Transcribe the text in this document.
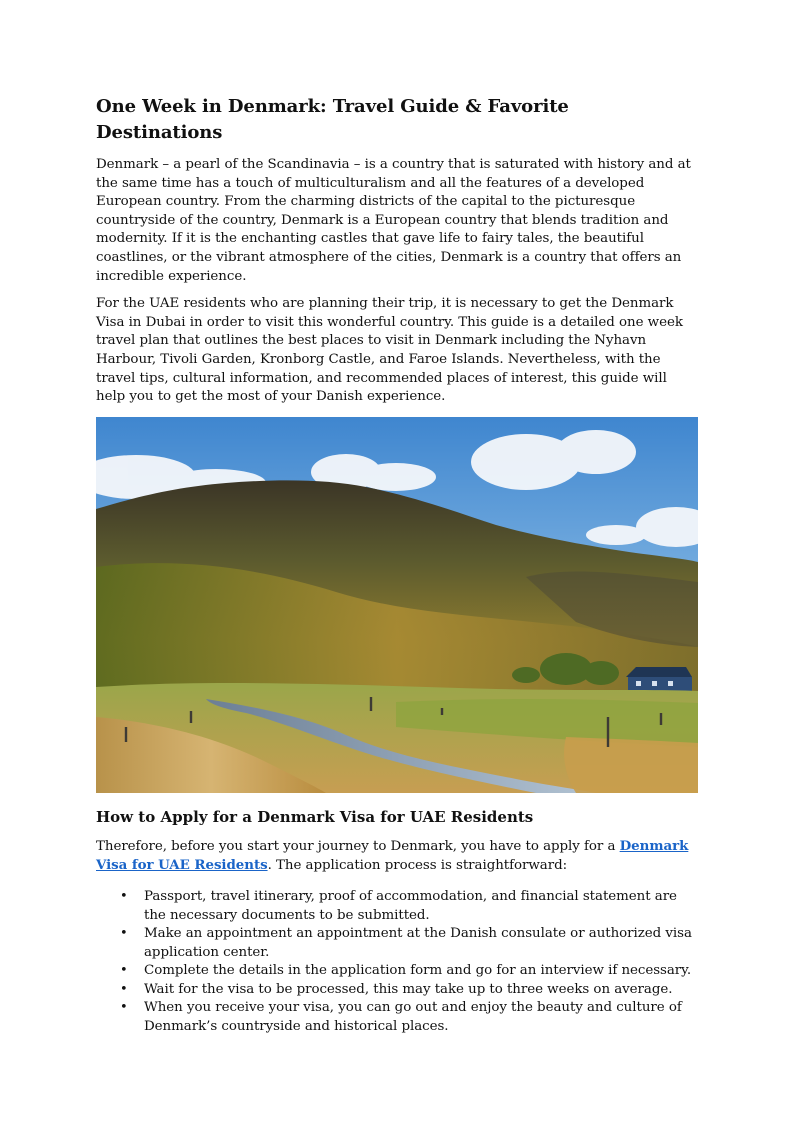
One Week in Denmark: Travel Guide & Favorite Destinations

Denmark – a pearl of the Scandinavia – is a country that is saturated with history and at the same time has a touch of multiculturalism and all the features of a developed European country. From the charming districts of the capital to the picturesque countryside of the country, Denmark is a European country that blends tradition and modernity. If it is the enchanting castles that gave life to fairy tales, the beautiful coastlines, or the vibrant atmosphere of the cities, Denmark is a country that offers an incredible experience.

For the UAE residents who are planning their trip, it is necessary to get the Denmark Visa in Dubai in order to visit this wonderful country. This guide is a detailed one week travel plan that outlines the best places to visit in Denmark including the Nyhavn Harbour, Tivoli Garden, Kronborg Castle, and Faroe Islands. Nevertheless, with the travel tips, cultural information, and recommended places of interest, this guide will help you to get the most of your Danish experience.

How to Apply for a Denmark Visa for UAE Residents

Therefore, before you start your journey to Denmark, you have to apply for a Denmark Visa for UAE Residents. The application process is straightforward:

• Passport, travel itinerary, proof of accommodation, and financial statement are the necessary documents to be submitted.
• Make an appointment an appointment at the Danish consulate or authorized visa application center.
• Complete the details in the application form and go for an interview if necessary.
• Wait for the visa to be processed, this may take up to three weeks on average.
• When you receive your visa, you can go out and enjoy the beauty and culture of Denmark’s countryside and historical places.
